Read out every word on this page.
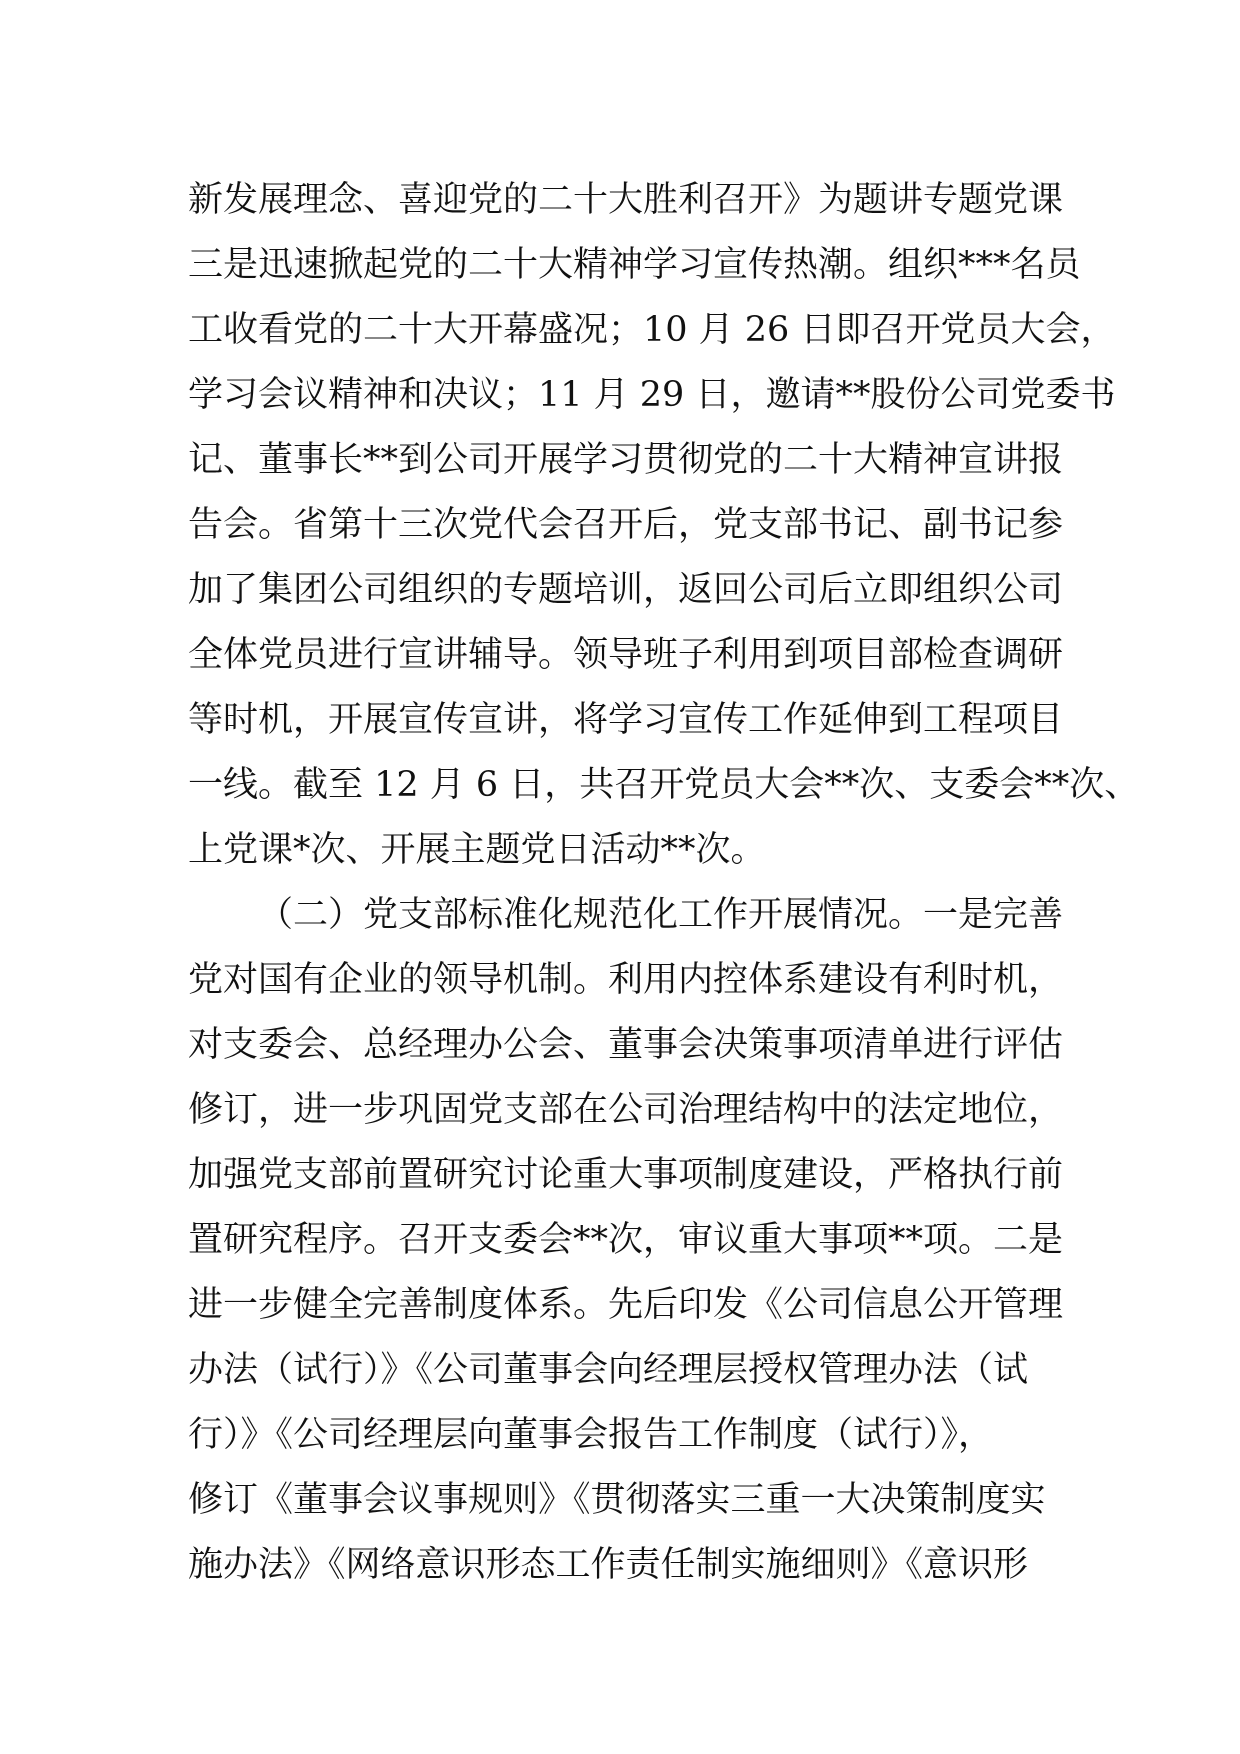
新发展理念、喜迎党的二十大胜利召开》为题讲专题党课
三是迅速掀起党的二十大精神学习宣传热潮。组织***名员
工收看党的二十大开幕盛况；10 月 26 日即召开党员大会，
学习会议精神和决议；11 月 29 日，邀请**股份公司党委书
记、董事长**到公司开展学习贯彻党的二十大精神宣讲报
告会。省第十三次党代会召开后，党支部书记、副书记参
加了集团公司组织的专题培训，返回公司后立即组织公司
全体党员进行宣讲辅导。领导班子利用到项目部检查调研
等时机，开展宣传宣讲，将学习宣传工作延伸到工程项目
一线。截至 12 月 6 日，共召开党员大会**次、支委会**次、
上党课*次、开展主题党日活动**次。
（二）党支部标准化规范化工作开展情况。一是完善
党对国有企业的领导机制。利用内控体系建设有利时机，
对支委会、总经理办公会、董事会决策事项清单进行评估
修订，进一步巩固党支部在公司治理结构中的法定地位，
加强党支部前置研究讨论重大事项制度建设，严格执行前
置研究程序。召开支委会**次，审议重大事项**项。二是
进一步健全完善制度体系。先后印发《公司信息公开管理
办法（试行）》《公司董事会向经理层授权管理办法（试
行）》《公司经理层向董事会报告工作制度（试行）》，
修订《董事会议事规则》《贯彻落实三重一大决策制度实
施办法》《网络意识形态工作责任制实施细则》《意识形
